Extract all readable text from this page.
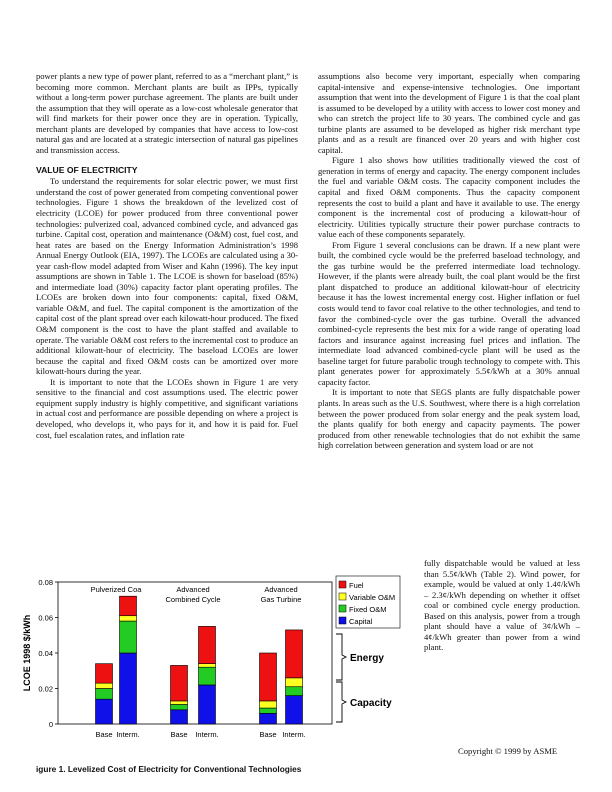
power plants a new type of power plant, referred to as a “merchant plant,” is becoming more common. Merchant plants are built as IPPs, typically without a long-term power purchase agreement. The plants are built under the assumption that they will operate as a low-cost wholesale generator that will find markets for their power once they are in operation. Typically, merchant plants are developed by companies that have access to low-cost natural gas and are located at a strategic intersection of natural gas pipelines and transmission access.

VALUE OF ELECTRICITY

To understand the requirements for solar electric power, we must first understand the cost of power generated from competing conventional power technologies. Figure 1 shows the breakdown of the levelized cost of electricity (LCOE) for power produced from three conventional power technologies: pulverized coal, advanced combined cycle, and advanced gas turbine. Capital cost, operation and maintenance (O&M) cost, fuel cost, and heat rates are based on the Energy Information Administration’s 1998 Annual Energy Outlook (EIA, 1997). The LCOEs are calculated using a 30-year cash-flow model adapted from Wiser and Kahn (1996). The key input assumptions are shown in Table 1. The LCOE is shown for baseload (85%) and intermediate load (30%) capacity factor plant operating profiles. The LCOEs are broken down into four components: capital, fixed O&M, variable O&M, and fuel. The capital component is the amortization of the capital cost of the plant spread over each kilowatt-hour produced. The fixed O&M component is the cost to have the plant staffed and available to operate. The variable O&M cost refers to the incremental cost to produce an additional kilowatt-hour of electricity. The baseload LCOEs are lower because the capital and fixed O&M costs can be amortized over more kilowatt-hours during the year.

It is important to note that the LCOEs shown in Figure 1 are very sensitive to the financial and cost assumptions used. The electric power equipment supply industry is highly competitive, and significant variations in actual cost and performance are possible depending on where a project is developed, who develops it, who pays for it, and how it is paid for. Fuel cost, fuel escalation rates, and inflation rate

assumptions also become very important, especially when comparing capital-intensive and expense-intensive technologies. One important assumption that went into the development of Figure 1 is that the coal plant is assumed to be developed by a utility with access to lower cost money and who can stretch the project life to 30 years. The combined cycle and gas turbine plants are assumed to be developed as higher risk merchant type plants and as a result are financed over 20 years and with higher cost capital.

Figure 1 also shows how utilities traditionally viewed the cost of generation in terms of energy and capacity. The energy component includes the fuel and variable O&M costs. The capacity component includes the capital and fixed O&M components. Thus the capacity component represents the cost to build a plant and have it available to use. The energy component is the incremental cost of producing a kilowatt-hour of electricity. Utilities typically structure their power purchase contracts to value each of these components separately.

From Figure 1 several conclusions can be drawn. If a new plant were built, the combined cycle would be the preferred baseload technology, and the gas turbine would be the preferred intermediate load technology. However, if the plants were already built, the coal plant would be the first plant dispatched to produce an additional kilowatt-hour of electricity because it has the lowest incremental energy cost. Higher inflation or fuel costs would tend to favor coal relative to the other technologies, and tend to favor the combined-cycle over the gas turbine. Overall the advanced combined-cycle represents the best mix for a wide range of operating load factors and insurance against increasing fuel prices and inflation. The intermediate load advanced combined-cycle plant will be used as the baseline target for future parabolic trough technology to compete with. This plant generates power for approximately 5.5¢/kWh at a 30% annual capacity factor.

It is important to note that SEGS plants are fully dispatchable power plants. In areas such as the U.S. Southwest, where there is a high correlation between the power produced from solar energy and the peak system load, the plants qualify for both energy and capacity payments. The power produced from other renewable technologies that do not exhibit the same high correlation between generation and system load or are not

fully dispatchable would be valued at less than 5.5¢/kWh (Table 2). Wind power, for example, would be valued at only 1.4¢/kWh – 2.3¢/kWh depending on whether it offset coal or combined cycle energy production. Based on this analysis, power from a trough plant should have a value of 3¢/kWh – 4¢/kWh greater than power from a wind plant.

0
0.02
0.04
0.06
0.08
LCOE 1998 $/kWh
Base Interm.	Base Interm.	Base Interm.
Pulverized Coa	Advanced
Combined Cycle
Advanced
Gas Turbine
Fuel
Variable O&M
Fixed O&M
Capital
Energy
Capacity
Copyright © 1999 by ASME
igure 1. Levelized Cost of Electricity for Conventional Technologies
